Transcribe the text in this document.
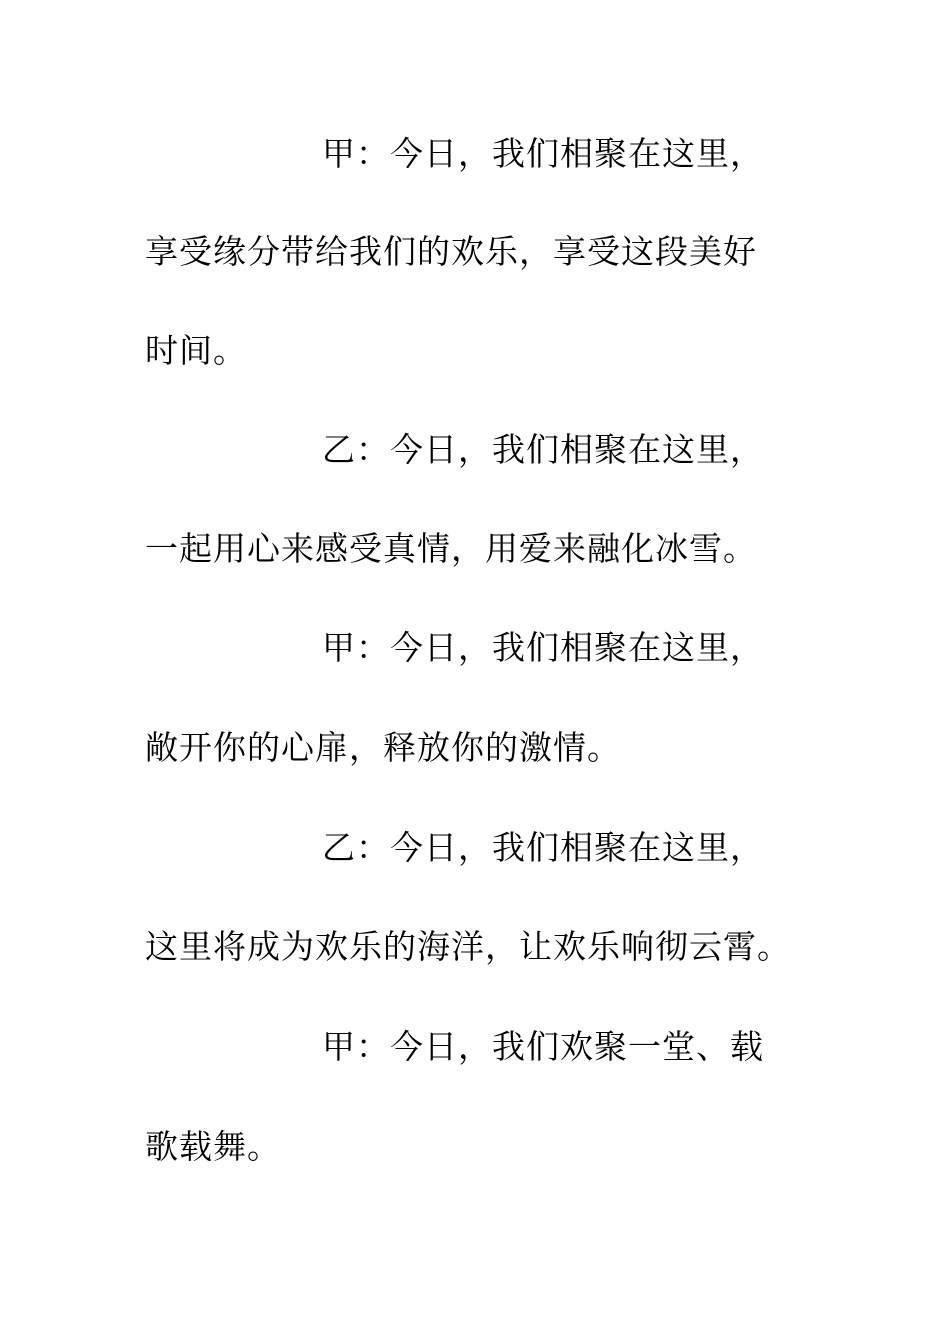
甲：今日，我们相聚在这里，
享受缘分带给我们的欢乐，享受这段美好
时间。
乙：今日，我们相聚在这里，
一起用心来感受真情，用爱来融化冰雪。
甲：今日，我们相聚在这里，
敞开你的心扉，释放你的激情。
乙：今日，我们相聚在这里，
这里将成为欢乐的海洋，让欢乐响彻云霄。
甲：今日，我们欢聚一堂、载
歌载舞。
